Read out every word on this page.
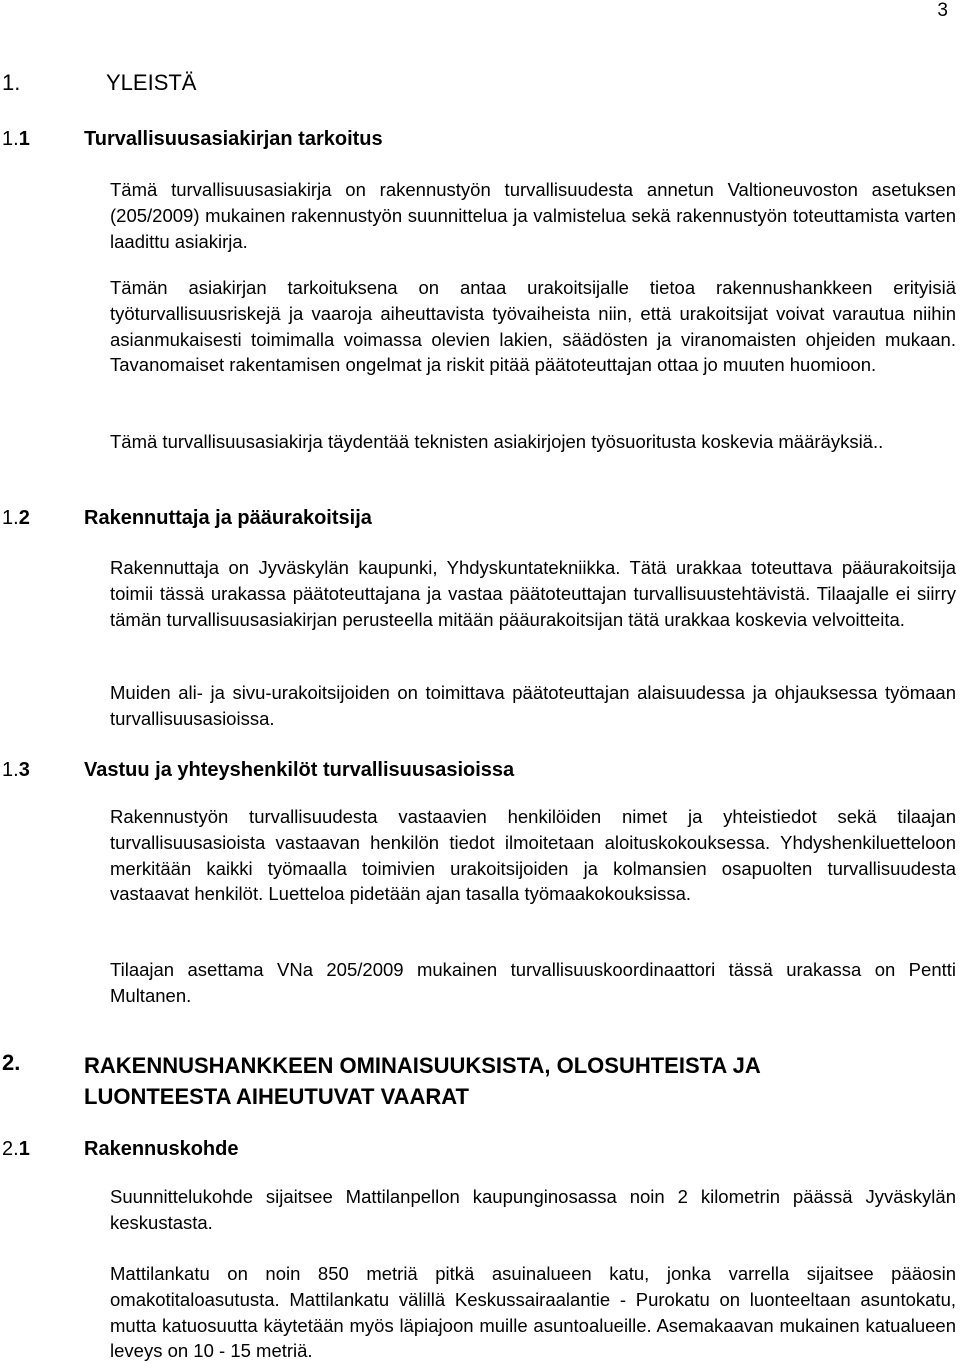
3
1.	YLEISTÄ
1.1	Turvallisuusasiakirjan tarkoitus

Tämä turvallisuusasiakirja on rakennustyön turvallisuudesta annetun Valtioneuvoston asetuksen (205/2009) mukainen rakennustyön suunnittelua ja valmistelua sekä rakennustyön toteuttamista varten laadittu asiakirja.

Tämän asiakirjan tarkoituksena on antaa urakoitsijalle tietoa rakennushankkeen erityisiä työturvallisuusriskejä ja vaaroja aiheuttavista työvaiheista niin, että urakoitsijat voivat varautua niihin asianmukaisesti toimimalla voimassa olevien lakien, säädösten ja viranomaisten ohjeiden mukaan. Tavanomaiset rakentamisen ongelmat ja riskit pitää päätoteuttajan ottaa jo muuten huomioon.

Tämä turvallisuusasiakirja täydentää teknisten asiakirjojen työsuoritusta koskevia määräyksiä..

1.2	Rakennuttaja ja pääurakoitsija

Rakennuttaja on Jyväskylän kaupunki, Yhdyskuntatekniikka. Tätä urakkaa toteuttava pääurakoitsija toimii tässä urakassa päätoteuttajana ja vastaa päätoteuttajan turvallisuustehtävistä. Tilaajalle ei siirry tämän turvallisuusasiakirjan perusteella mitään pääurakoitsijan tätä urakkaa koskevia velvoitteita.

Muiden ali- ja sivu-urakoitsijoiden on toimittava päätoteuttajan alaisuudessa ja ohjauksessa työmaan turvallisuusasioissa.

1.3	Vastuu ja yhteyshenkilöt turvallisuusasioissa

Rakennustyön turvallisuudesta vastaavien henkilöiden nimet ja yhteistiedot sekä tilaajan turvallisuusasioista vastaavan henkilön tiedot ilmoitetaan aloituskokouksessa. Yhdyshenkiluetteloon merkitään kaikki työmaalla toimivien urakoitsijoiden ja kolmansien osapuolten turvallisuudesta vastaavat henkilöt. Luetteloa pidetään ajan tasalla työmaakokouksissa.

Tilaajan asettama VNa 205/2009 mukainen turvallisuuskoordinaattori tässä urakassa on Pentti Multanen.

2.	RAKENNUSHANKKEEN OMINAISUUKSISTA, OLOSUHTEISTA JA
LUONTEESTA AIHEUTUVAT VAARAT
2.1	Rakennuskohde

Suunnittelukohde sijaitsee Mattilanpellon kaupunginosassa noin 2 kilometrin päässä Jyväskylän keskustasta.

Mattilankatu on noin 850 metriä pitkä asuinalueen katu, jonka varrella sijaitsee pääosin omakotitaloasutusta. Mattilankatu välillä Keskussairaalantie - Purokatu on luonteeltaan asuntokatu, mutta katuosuutta käytetään myös läpiajoon muille asuntoalueille. Asemakaavan mukainen katualueen leveys on 10 - 15 metriä.
